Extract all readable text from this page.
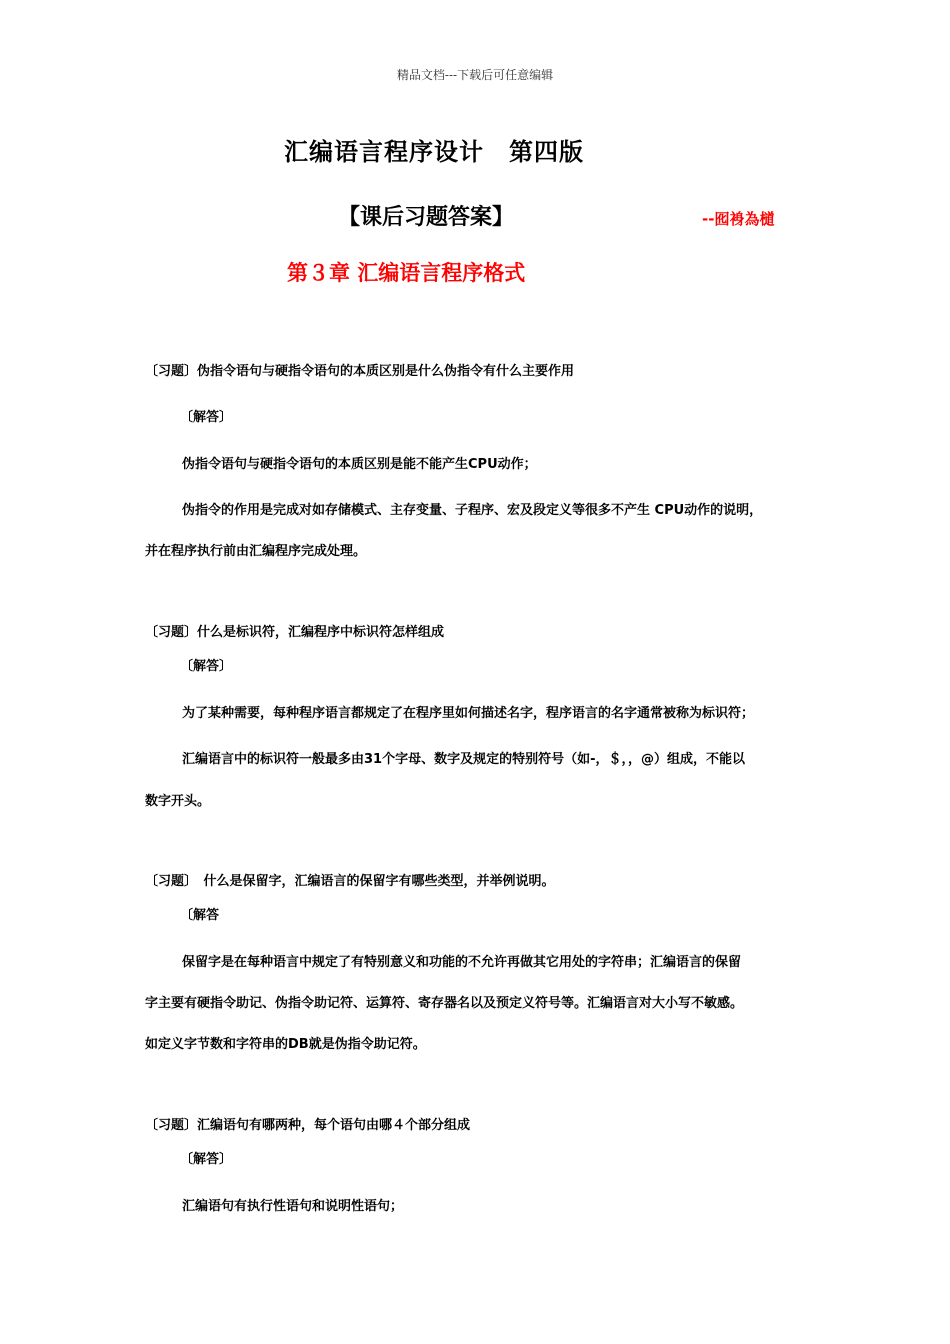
精品文档---下载后可任意编辑
汇编语言程序设计　第四版
【课后习题答案】	--囮裑為檤
第３章 汇编语言程序格式
〔习题〕伪指令语句与硬指令语句的本质区别是什么伪指令有什么主要作用
〔解答〕
伪指令语句与硬指令语句的本质区别是能不能产生CPU动作；
伪指令的作用是完成对如存储模式、主存变量、子程序、宏及段定义等很多不产生 CPU动作的说明，
并在程序执行前由汇编程序完成处理。
〔习题〕什么是标识符，汇编程序中标识符怎样组成
〔解答〕
为了某种需要，每种程序语言都规定了在程序里如何描述名字，程序语言的名字通常被称为标识符；
汇编语言中的标识符一般最多由31个字母、数字及规定的特别符号（如-，＄，，@）组成，不能以
数字开头。
〔习题〕　什么是保留字，汇编语言的保留字有哪些类型，并举例说明。
〔解答
保留字是在每种语言中规定了有特别意义和功能的不允许再做其它用处的字符串；汇编语言的保留
字主要有硬指令助记、伪指令助记符、运算符、寄存器名以及预定义符号等。汇编语言对大小写不敏感。
如定义字节数和字符串的DB就是伪指令助记符。
〔习题〕汇编语句有哪两种，每个语句由哪４个部分组成
〔解答〕
汇编语句有执行性语句和说明性语句；
